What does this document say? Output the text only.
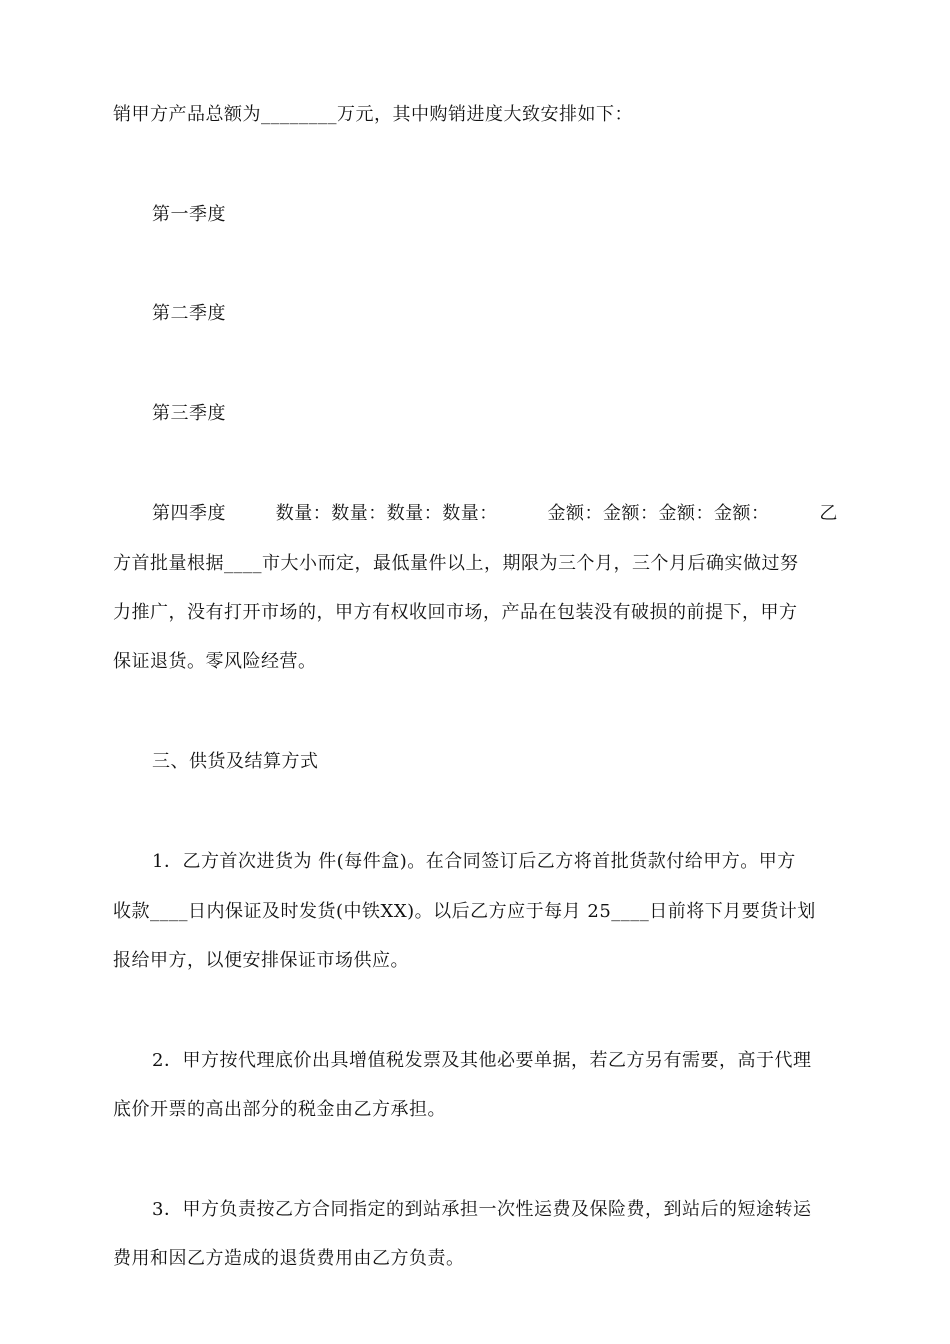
销甲方产品总额为________万元，其中购销进度大致安排如下：
第一季度
第二季度
第三季度
第四季度        数量：数量：数量：数量：        金额：金额：金额：金额：        乙
方首批量根据____市大小而定，最低量件以上，期限为三个月，三个月后确实做过努
力推广，没有打开市场的，甲方有权收回市场，产品在包装没有破损的前提下，甲方
保证退货。零风险经营。
三、供货及结算方式
1．乙方首次进货为 件(每件盒)。在合同签订后乙方将首批货款付给甲方。甲方
收款____日内保证及时发货(中铁XX)。以后乙方应于每月 25____日前将下月要货计划
报给甲方，以便安排保证市场供应。
2．甲方按代理底价出具增值税发票及其他必要单据，若乙方另有需要，高于代理
底价开票的高出部分的税金由乙方承担。
3．甲方负责按乙方合同指定的到站承担一次性运费及保险费，到站后的短途转运
费用和因乙方造成的退货费用由乙方负责。
